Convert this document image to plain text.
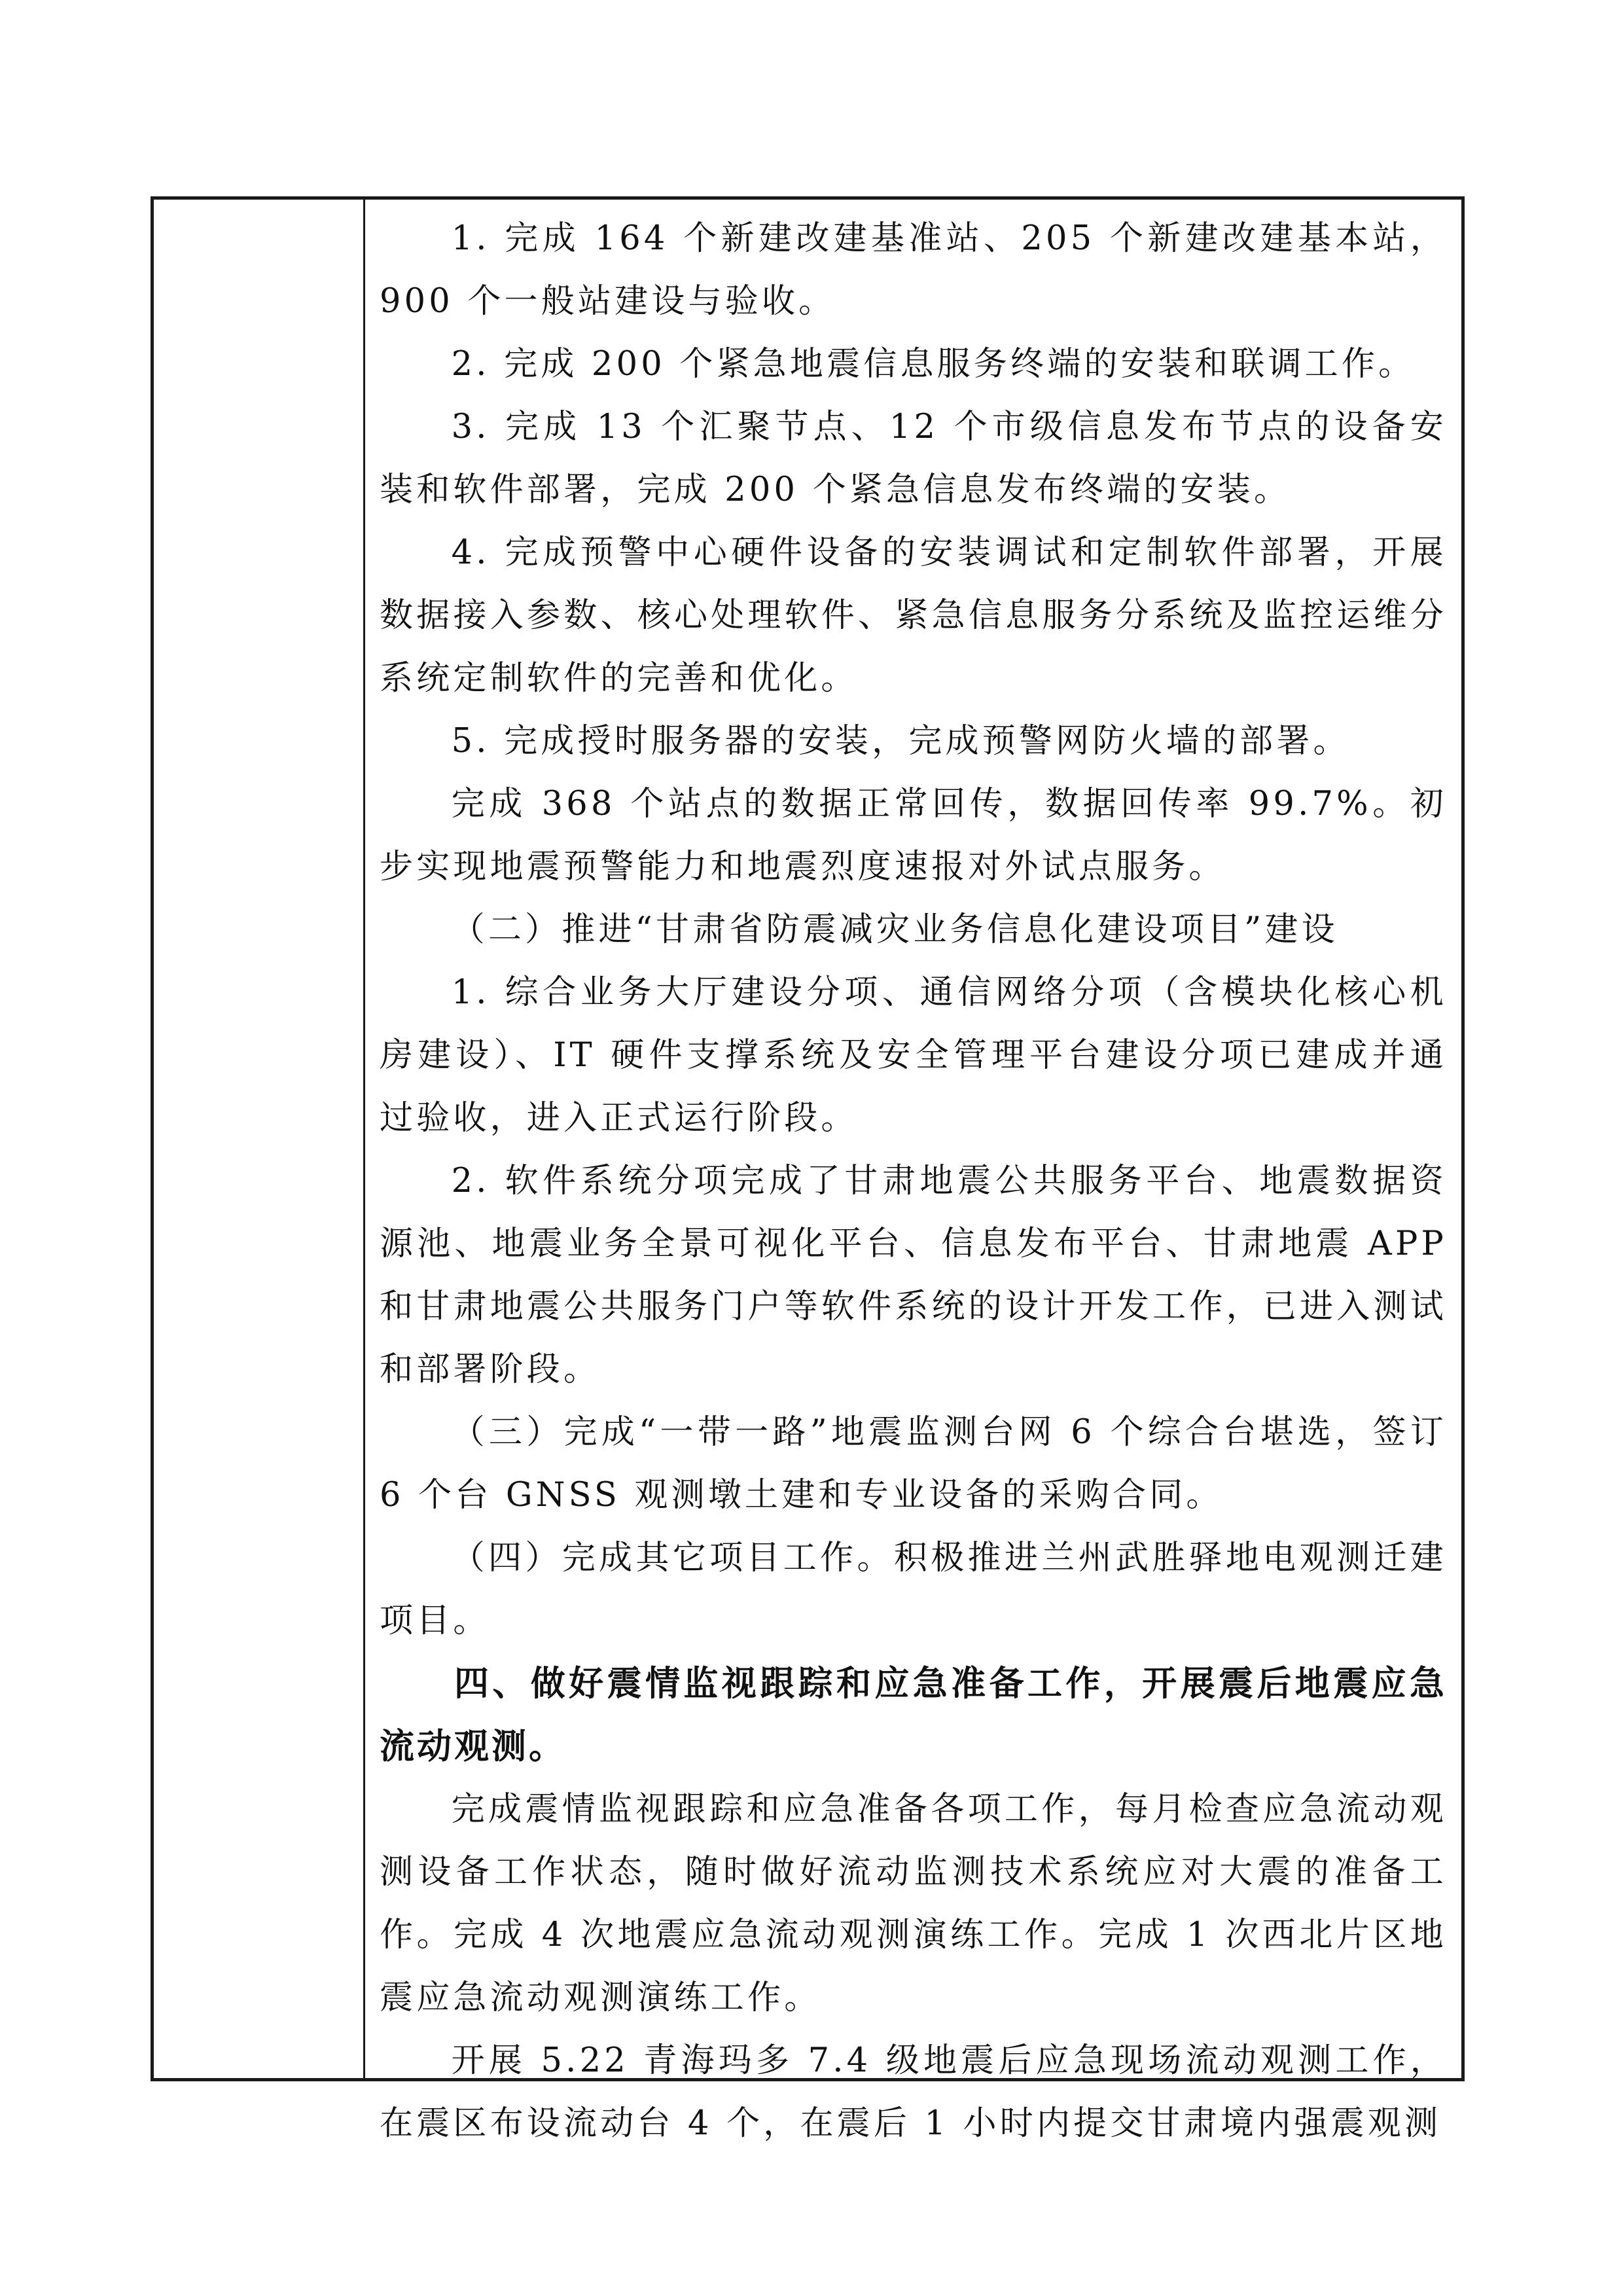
1. 完成 164 个新建改建基准站、205 个新建改建基本站，900 个一般站建设与验收。

2. 完成 200 个紧急地震信息服务终端的安装和联调工作。

3. 完成 13 个汇聚节点、12 个市级信息发布节点的设备安装和软件部署，完成 200 个紧急信息发布终端的安装。

4. 完成预警中心硬件设备的安装调试和定制软件部署，开展数据接入参数、核心处理软件、紧急信息服务分系统及监控运维分系统定制软件的完善和优化。

5. 完成授时服务器的安装，完成预警网防火墙的部署。

完成 368 个站点的数据正常回传，数据回传率 99.7%。初步实现地震预警能力和地震烈度速报对外试点服务。

（二）推进“甘肃省防震减灾业务信息化建设项目”建设

1. 综合业务大厅建设分项、通信网络分项（含模块化核心机房建设）、IT 硬件支撑系统及安全管理平台建设分项已建成并通过验收，进入正式运行阶段。

2. 软件系统分项完成了甘肃地震公共服务平台、地震数据资源池、地震业务全景可视化平台、信息发布平台、甘肃地震 APP 和甘肃地震公共服务门户等软件系统的设计开发工作，已进入测试和部署阶段。

（三）完成“一带一路”地震监测台网 6 个综合台堪选，签订 6 个台 GNSS 观测墩土建和专业设备的采购合同。

（四）完成其它项目工作。积极推进兰州武胜驿地电观测迁建项目。

四、做好震情监视跟踪和应急准备工作，开展震后地震应急流动观测。

完成震情监视跟踪和应急准备各项工作，每月检查应急流动观测设备工作状态，随时做好流动监测技术系统应对大震的准备工作。完成 4 次地震应急流动观测演练工作。完成 1 次西北片区地震应急流动观测演练工作。

开展 5.22 青海玛多 7.4 级地震后应急现场流动观测工作，在震区布设流动台 4 个，在震后 1 小时内提交甘肃境内强震观测
